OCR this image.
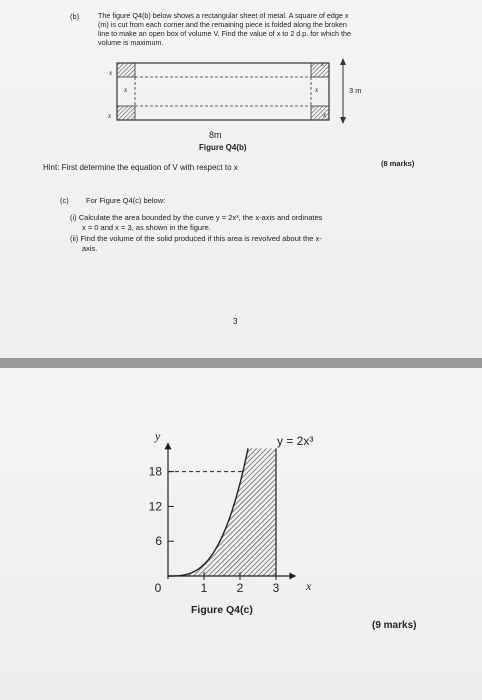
(b)	The figure Q4(b) below shows a rectangular sheet of metal. A square of edge x
(m) is cut from each corner and the remaining piece is folded along the broken
line to make an open box of volume V. Find the value of x to 2 d.p. for which the
volume is maximum.
x
x
x
x
x
x
3 m
8m
Figure Q4(b)
Hint: First determine the equation of V with respect to x	(8 marks)
(c) For Figure Q4(c) below:
(i) Calculate the area bounded by the curve y = 2x³, the x-axis and ordinates
x = 0 and x = 3, as shown in the figure.
(ii) Find the volume of the solid produced if this area is revolved about the x-
axis.
3
0	1 2 3
6
12
18
y = 2x³
y
x
Figure Q4(c)
(9 marks)
